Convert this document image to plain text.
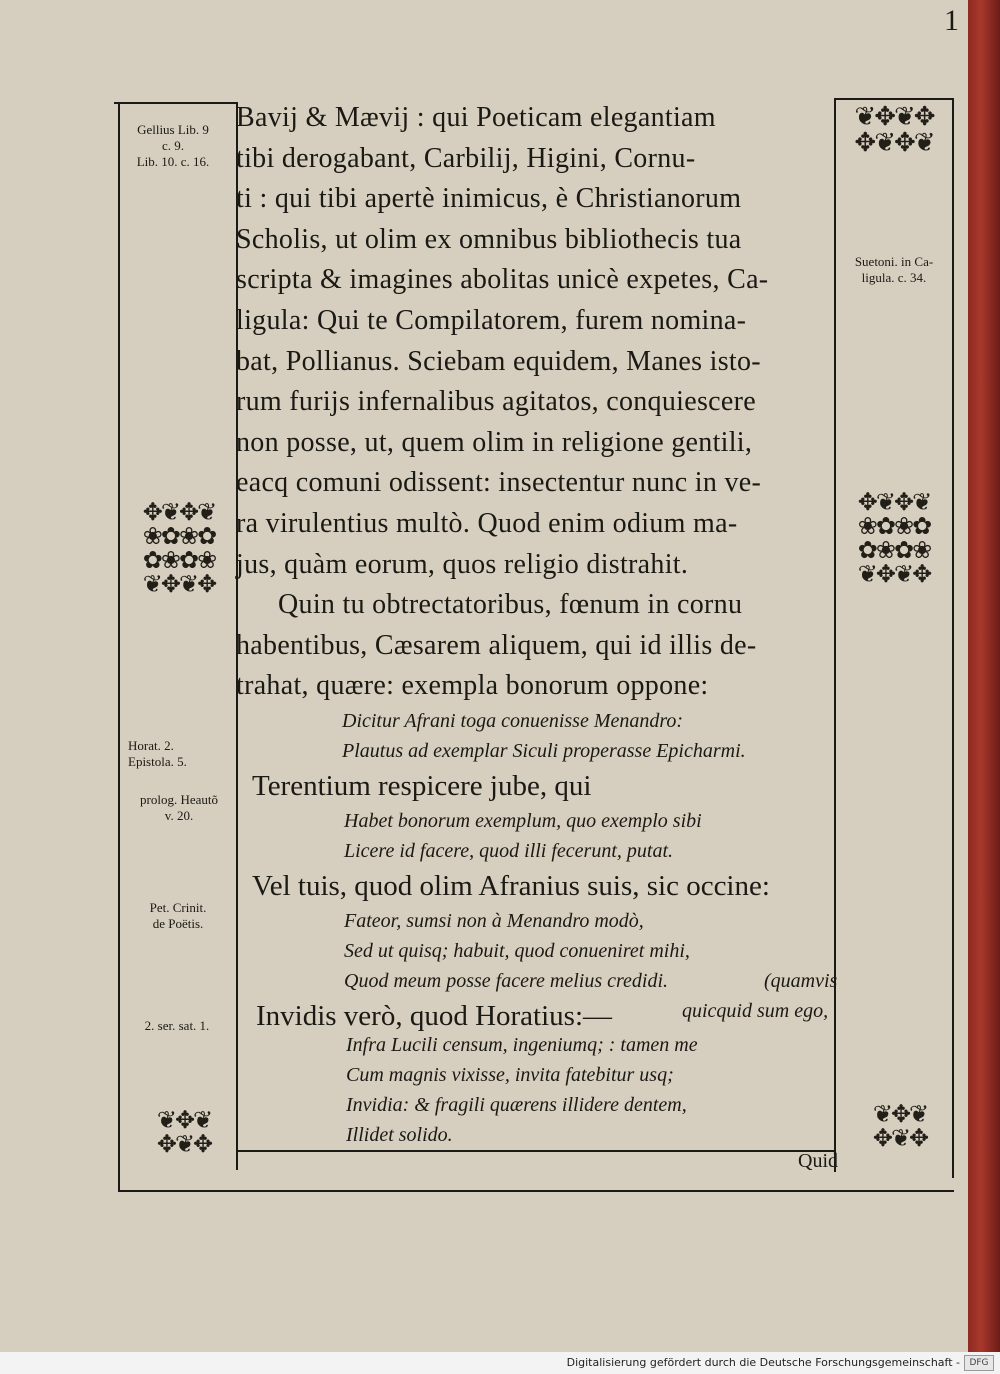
1
❦✥❦✥
✥❦✥❦
✥❦✥❦
❀✿❀✿
✿❀✿❀
❦✥❦✥
✥❦✥❦
❀✿❀✿
✿❀✿❀
❦✥❦✥
❦✥❦
✥❦✥
❦✥❦
✥❦✥
Gellius Lib. 9
c. 9.
Lib. 10. c. 16.
Suetoni. in Ca-
ligula. c. 34.
Horat. 2.
Epistola. 5.
prolog. Heautõ
v. 20.
Pet. Crinit.
de Poëtis.
2. ser. sat. 1.
Bavij & Mævij : qui Poeticam elegantiam
tibi derogabant, Carbilij, Higini, Cornu-
ti : qui tibi apertè inimicus, è Christianorum
Scholis, ut olim ex omnibus bibliothecis tua
scripta & imagines abolitas unicè expetes, Ca-
ligula: Qui te Compilatorem, furem nomina-
bat, Pollianus. Sciebam equidem, Manes isto-
rum furijs infernalibus agitatos, conquiescere
non posse, ut, quem olim in religione gentili,
eacq comuni odissent: insectentur nunc in ve-
ra virulentius multò. Quod enim odium ma-
jus, quàm eorum, quos religio distrahit.
Quin tu obtrectatoribus, fœnum in cornu
habentibus, Cæsarem aliquem, qui id illis de-
trahat, quære: exempla bonorum oppone:
Dicitur Afrani toga conuenisse Menandro:
Plautus ad exemplar Siculi properasse Epicharmi.
Terentium respicere jube, qui
Habet bonorum exemplum, quo exemplo sibi
Licere id facere, quod illi fecerunt, putat.
Vel tuis, quod olim Afranius suis, sic occine:
Fateor, sumsi non à Menandro modò,
Sed ut quisq; habuit, quod conueniret mihi,
Quod meum posse facere melius credidi.	(quamvis
Invidis verò, quod Horatius:—	quicquid sum ego,
Infra Lucili censum, ingeniumq; : tamen me
Cum magnis vixisse, invita fatebitur usq;
Invidia: & fragili quærens illidere dentem,
Illidet solido.
Quid
Digitalisierung gefördert durch die Deutsche Forschungsgemeinschaft -	DFG
